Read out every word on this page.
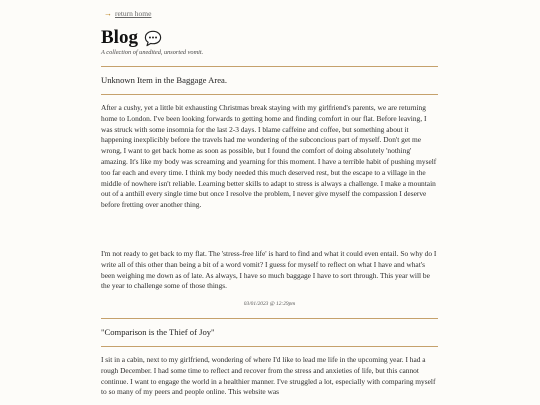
→ return home
Blog
A collection of unedited, unsorted vomit.
Unknown Item in the Baggage Area.

After a cushy, yet a little bit exhausting Christmas break staying with my girlfriend's parents, we are returning home to London. I've been looking forwards to getting home and finding comfort in our flat. Before leaving, I was struck with some insomnia for the last 2-3 days. I blame caffeine and coffee, but something about it happening inexplicibly before the travels had me wondering of the subconcious part of myself. Don't get me wrong, I want to get back home as soon as possible, but I found the comfort of doing absolutely 'nothing' amazing. It's like my body was screaming and yearning for this moment. I have a terrible habit of pushing myself too far each and every time. I think my body needed this much deserved rest, but the escape to a village in the middle of nowhere isn't reliable. Learning better skills to adapt to stress is always a challenge. I make a mountain out of a anthill every single time but once I resolve the problem, I never give myself the compassion I deserve before fretting over another thing.

I'm not ready to get back to my flat. The 'stress-free life' is hard to find and what it could even entail. So why do I write all of this other than being a bit of a word vomit? I guess for myself to reflect on what I have and what's been weighing me down as of late. As always, I have so much baggage I have to sort through. This year will be the year to challenge some of those things.

03/01/2023 @ 12:29pm
"Comparison is the Thief of Joy"

I sit in a cabin, next to my girlfriend, wondering of where I'd like to lead me life in the upcoming year. I had a rough December. I had some time to reflect and recover from the stress and anxieties of life, but this cannot continue. I want to engage the world in a healthier manner. I've struggled a lot, especially with comparing myself to so many of my peers and people online. This website was
